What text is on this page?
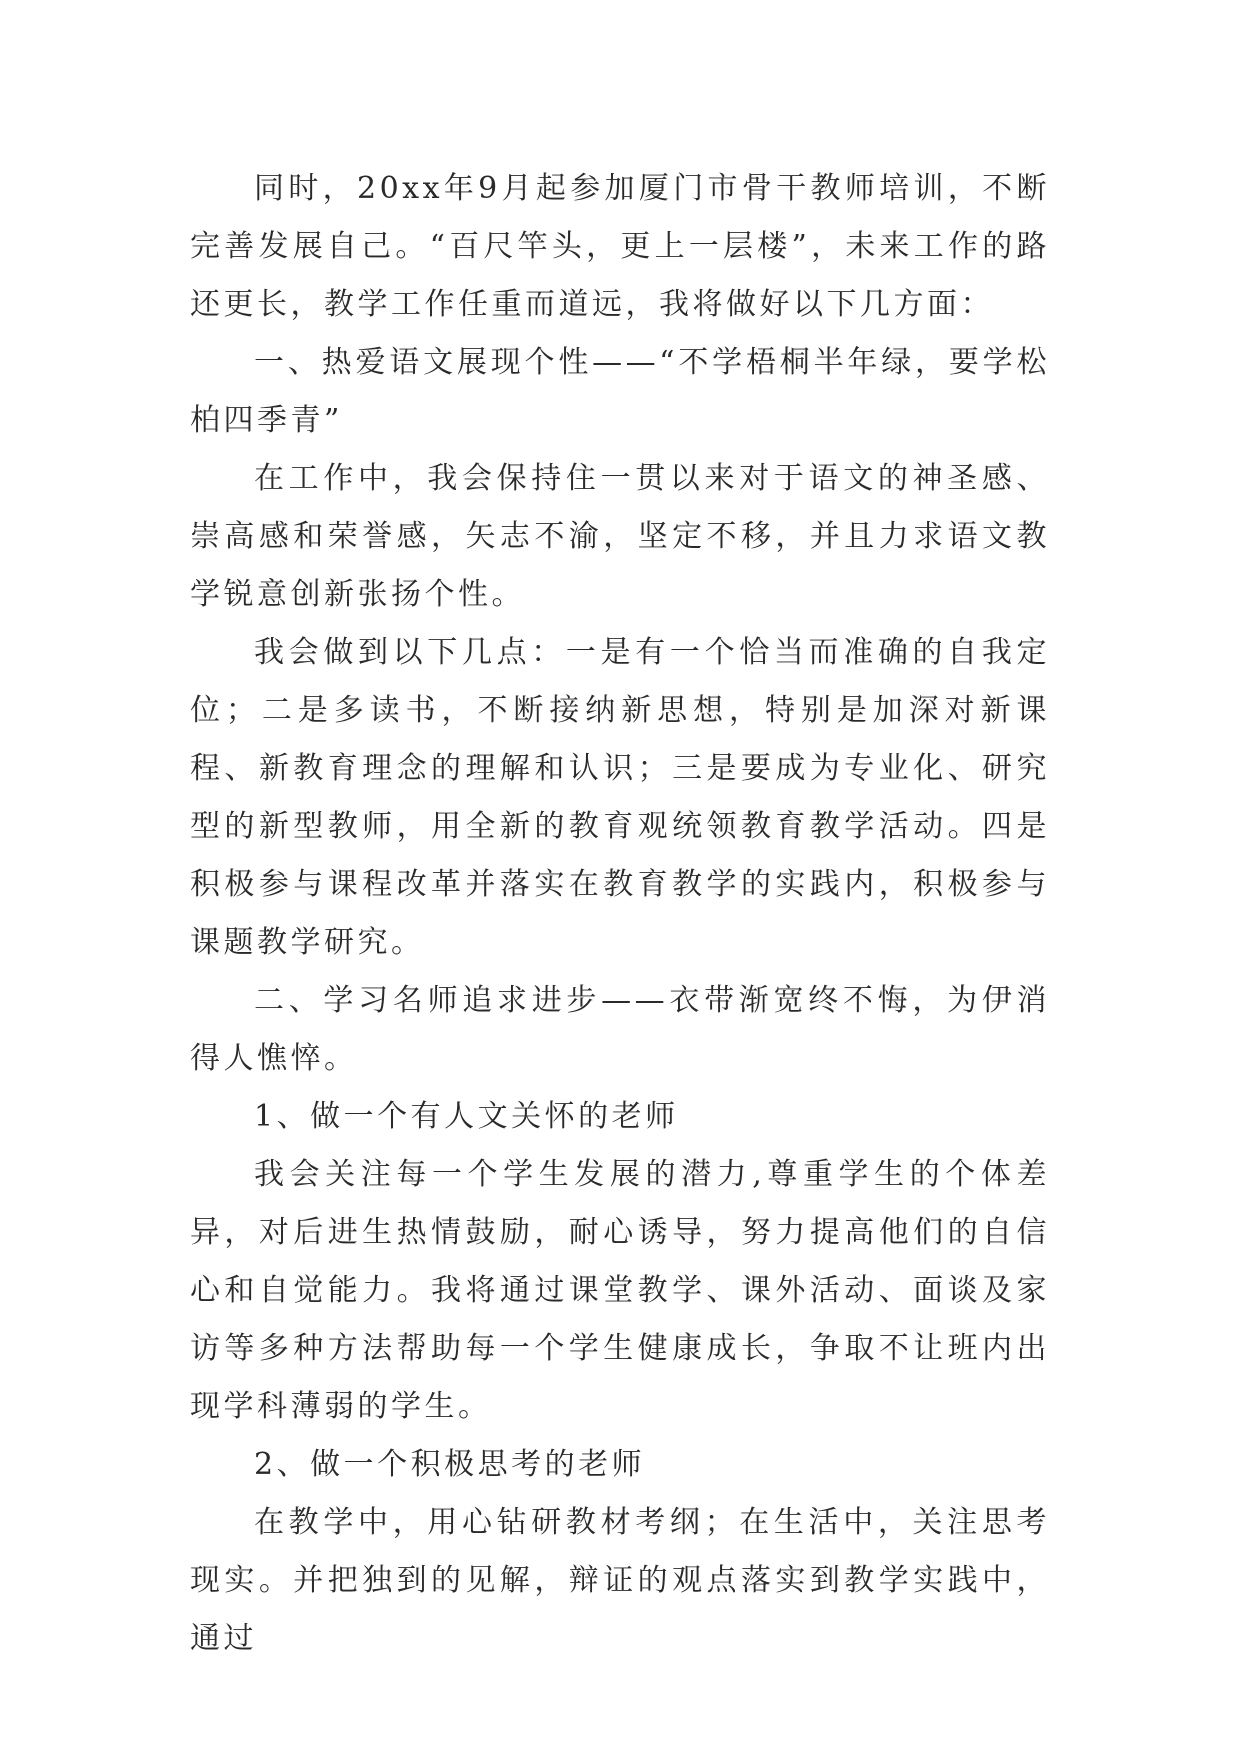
同时，20xx年9月起参加厦门市骨干教师培训，不断完善发展自己。“百尺竿头，更上一层楼”，未来工作的路还更长，教学工作任重而道远，我将做好以下几方面：

一、热爱语文展现个性——“不学梧桐半年绿，要学松柏四季青”

在工作中，我会保持住一贯以来对于语文的神圣感、崇高感和荣誉感，矢志不渝，坚定不移，并且力求语文教学锐意创新张扬个性。

我会做到以下几点：一是有一个恰当而准确的自我定位；二是多读书，不断接纳新思想，特别是加深对新课程、新教育理念的理解和认识；三是要成为专业化、研究型的新型教师，用全新的教育观统领教育教学活动。四是积极参与课程改革并落实在教育教学的实践内，积极参与课题教学研究。

二、学习名师追求进步——衣带渐宽终不悔，为伊消得人憔悴。

1、做一个有人文关怀的老师

我会关注每一个学生发展的潜力,尊重学生的个体差异，对后进生热情鼓励，耐心诱导，努力提高他们的自信心和自觉能力。我将通过课堂教学、课外活动、面谈及家访等多种方法帮助每一个学生健康成长，争取不让班内出现学科薄弱的学生。

2、做一个积极思考的老师

在教学中，用心钻研教材考纲；在生活中，关注思考现实。并把独到的见解，辩证的观点落实到教学实践中，通过
